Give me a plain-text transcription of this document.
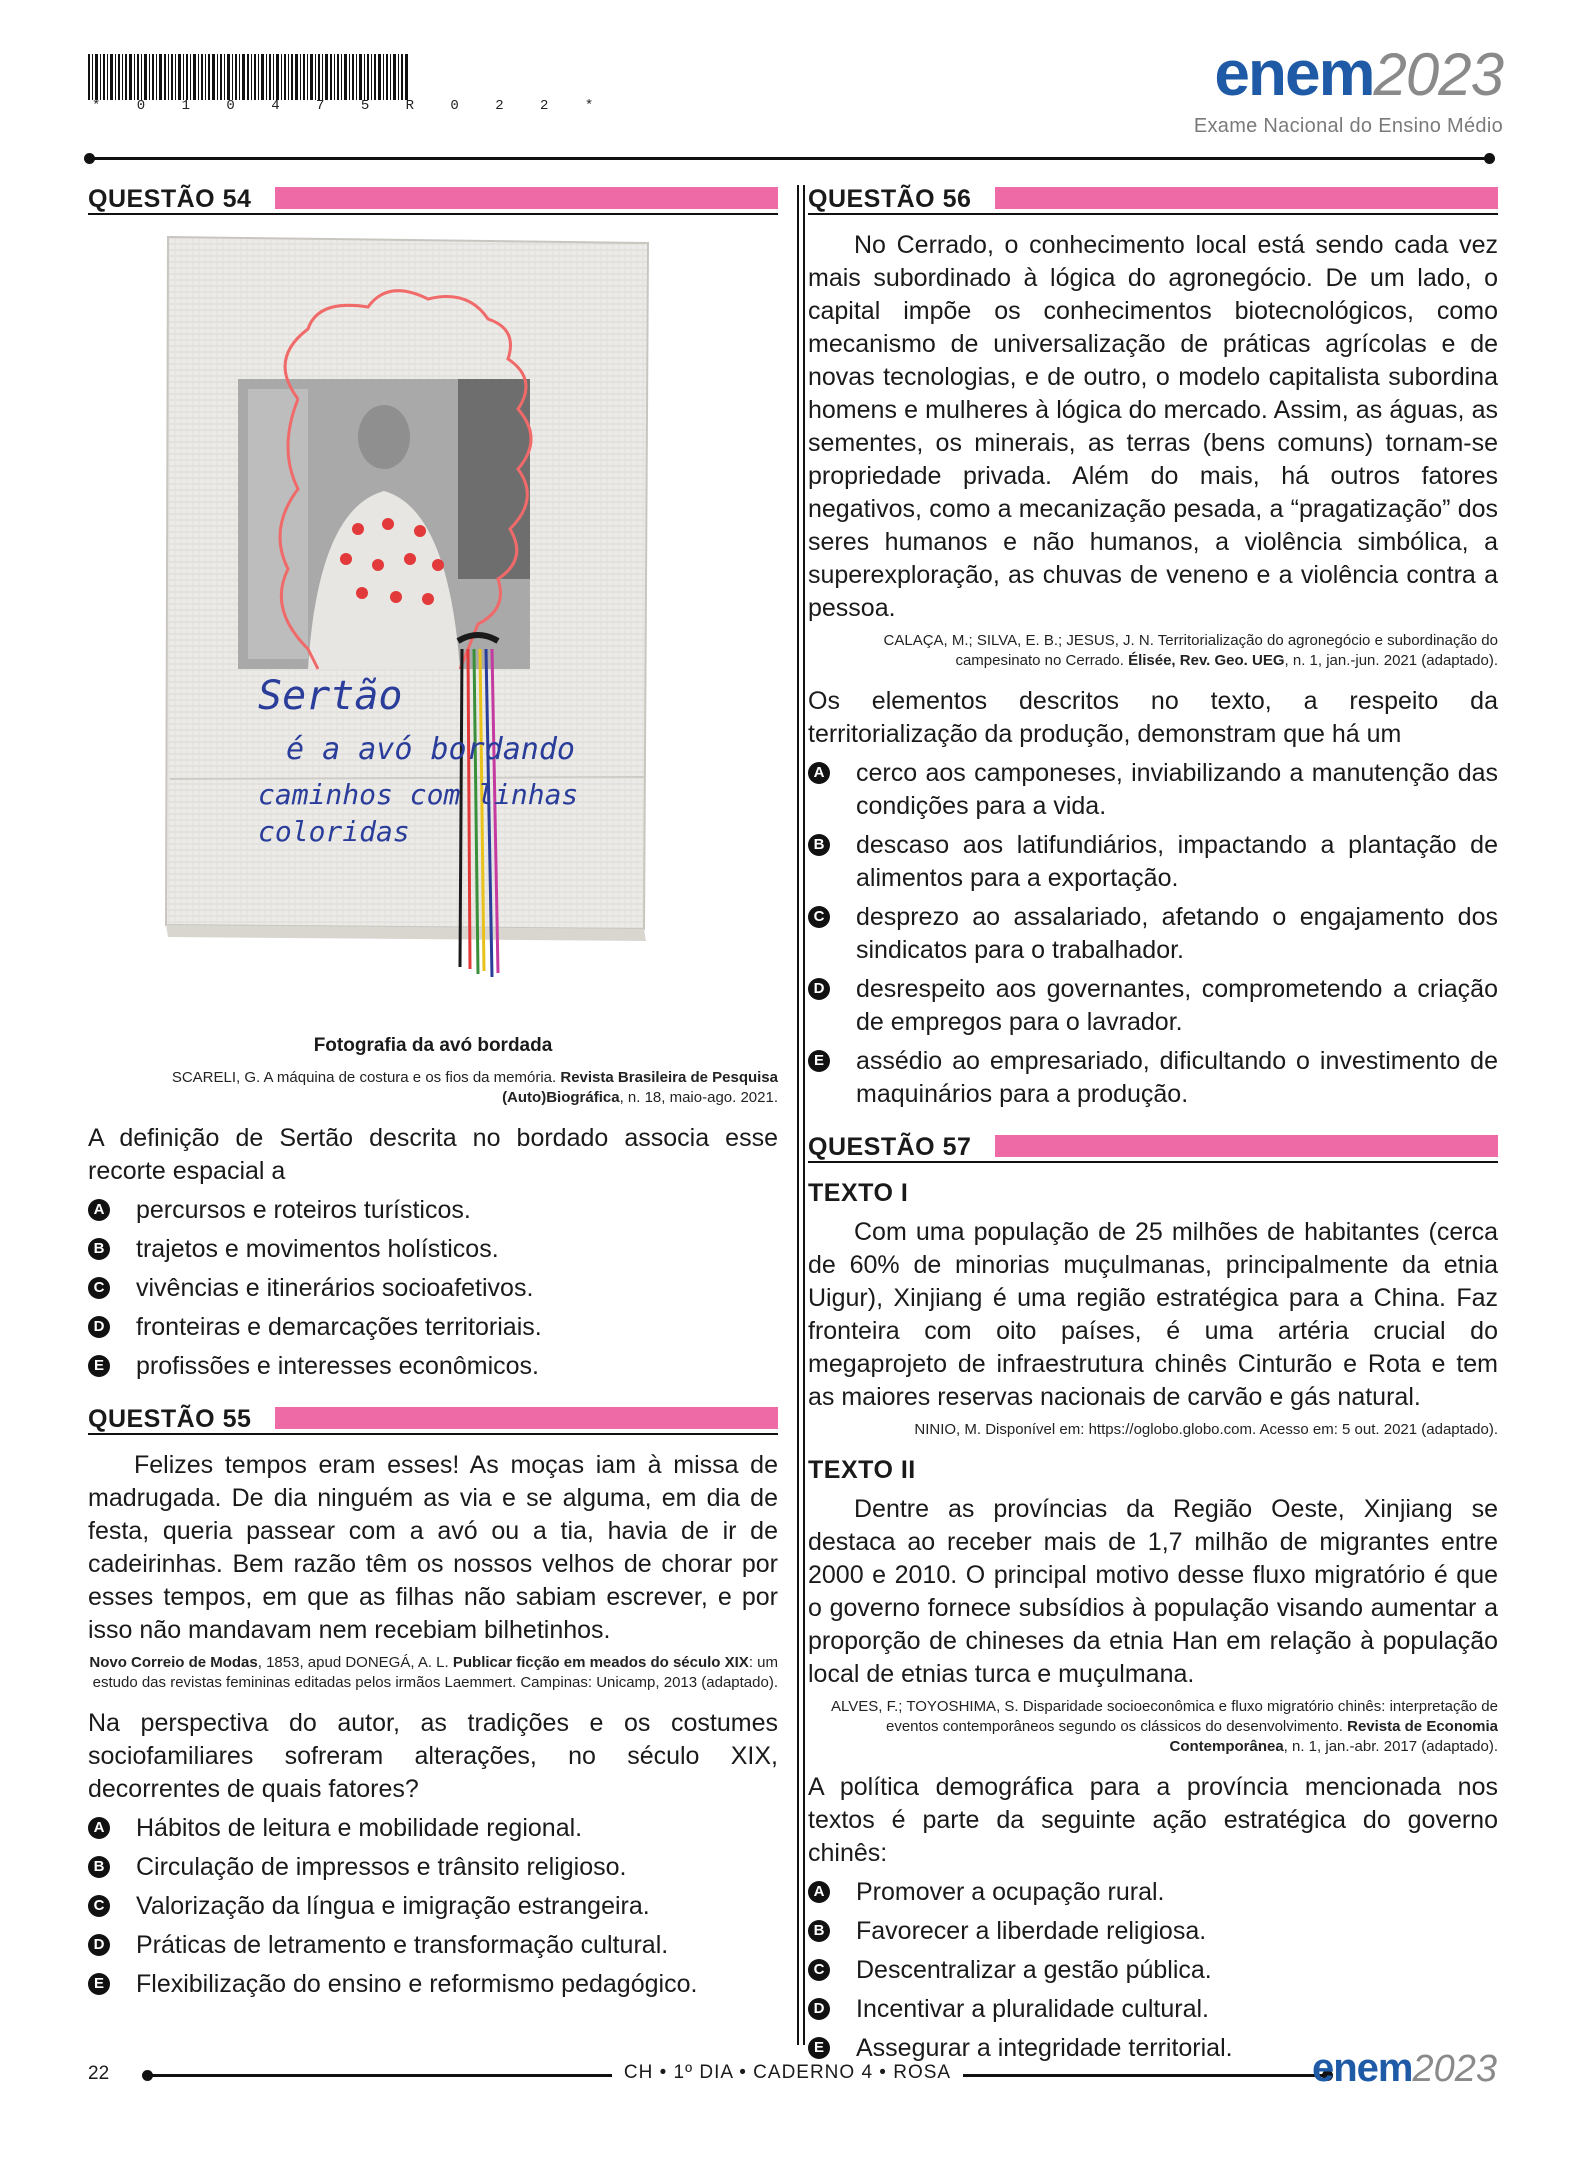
* 0 1 0 4 7 5 R 0 2 2 *	enem2023
Exame Nacional do Ensino Médio
QUESTÃO 54
Sertão
é a avó bordando
caminhos com linhas
coloridas
Fotografia da avó bordada
SCARELI, G. A máquina de costura e os fios da memória. Revista Brasileira de Pesquisa (Auto)Biográfica, n. 18, maio-ago. 2021.

A definição de Sertão descrita no bordado associa esse recorte espacial a

A percursos e roteiros turísticos.
B trajetos e movimentos holísticos.
C vivências e itinerários socioafetivos.
D fronteiras e demarcações territoriais.
E profissões e interesses econômicos.
QUESTÃO 55

Felizes tempos eram esses! As moças iam à missa de madrugada. De dia ninguém as via e se alguma, em dia de festa, queria passear com a avó ou a tia, havia de ir de cadeirinhas. Bem razão têm os nossos velhos de chorar por esses tempos, em que as filhas não sabiam escrever, e por isso não mandavam nem recebiam bilhetinhos.

Novo Correio de Modas, 1853, apud DONEGÁ, A. L. Publicar ficção em meados do século XIX: um estudo das revistas femininas editadas pelos irmãos Laemmert. Campinas: Unicamp, 2013 (adaptado).

Na perspectiva do autor, as tradições e os costumes sociofamiliares sofreram alterações, no século XIX, decorrentes de quais fatores?

A Hábitos de leitura e mobilidade regional.
B Circulação de impressos e trânsito religioso.
C Valorização da língua e imigração estrangeira.
D Práticas de letramento e transformação cultural.
E Flexibilização do ensino e reformismo pedagógico.
QUESTÃO 56

No Cerrado, o conhecimento local está sendo cada vez mais subordinado à lógica do agronegócio. De um lado, o capital impõe os conhecimentos biotecnológicos, como mecanismo de universalização de práticas agrícolas e de novas tecnologias, e de outro, o modelo capitalista subordina homens e mulheres à lógica do mercado. Assim, as águas, as sementes, os minerais, as terras (bens comuns) tornam-se propriedade privada. Além do mais, há outros fatores negativos, como a mecanização pesada, a “pragatização” dos seres humanos e não humanos, a violência simbólica, a superexploração, as chuvas de veneno e a violência contra a pessoa.

CALAÇA, M.; SILVA, E. B.; JESUS, J. N. Territorialização do agronegócio e subordinação do campesinato no Cerrado. Élisée, Rev. Geo. UEG, n. 1, jan.-jun. 2021 (adaptado).

Os elementos descritos no texto, a respeito da territorialização da produção, demonstram que há um

A cerco aos camponeses, inviabilizando a manutenção das condições para a vida.
B descaso aos latifundiários, impactando a plantação de alimentos para a exportação.
C desprezo ao assalariado, afetando o engajamento dos sindicatos para o trabalhador.
D desrespeito aos governantes, comprometendo a criação de empregos para o lavrador.
E assédio ao empresariado, dificultando o investimento de maquinários para a produção.
QUESTÃO 57
TEXTO I

Com uma população de 25 milhões de habitantes (cerca de 60% de minorias muçulmanas, principalmente da etnia Uigur), Xinjiang é uma região estratégica para a China. Faz fronteira com oito países, é uma artéria crucial do megaprojeto de infraestrutura chinês Cinturão e Rota e tem as maiores reservas nacionais de carvão e gás natural.

NINIO, M. Disponível em: https://oglobo.globo.com. Acesso em: 5 out. 2021 (adaptado).
TEXTO II

Dentre as províncias da Região Oeste, Xinjiang se destaca ao receber mais de 1,7 milhão de migrantes entre 2000 e 2010. O principal motivo desse fluxo migratório é que o governo fornece subsídios à população visando aumentar a proporção de chineses da etnia Han em relação à população local de etnias turca e muçulmana.

ALVES, F.; TOYOSHIMA, S. Disparidade socioeconômica e fluxo migratório chinês: interpretação de eventos contemporâneos segundo os clássicos do desenvolvimento. Revista de Economia Contemporânea, n. 1, jan.-abr. 2017 (adaptado).

A política demográfica para a província mencionada nos textos é parte da seguinte ação estratégica do governo chinês:

A Promover a ocupação rural.
B Favorecer a liberdade religiosa.
C Descentralizar a gestão pública.
D Incentivar a pluralidade cultural.
E Assegurar a integridade territorial.
22	CH • 1º DIA • CADERNO 4 • ROSA	enem2023
